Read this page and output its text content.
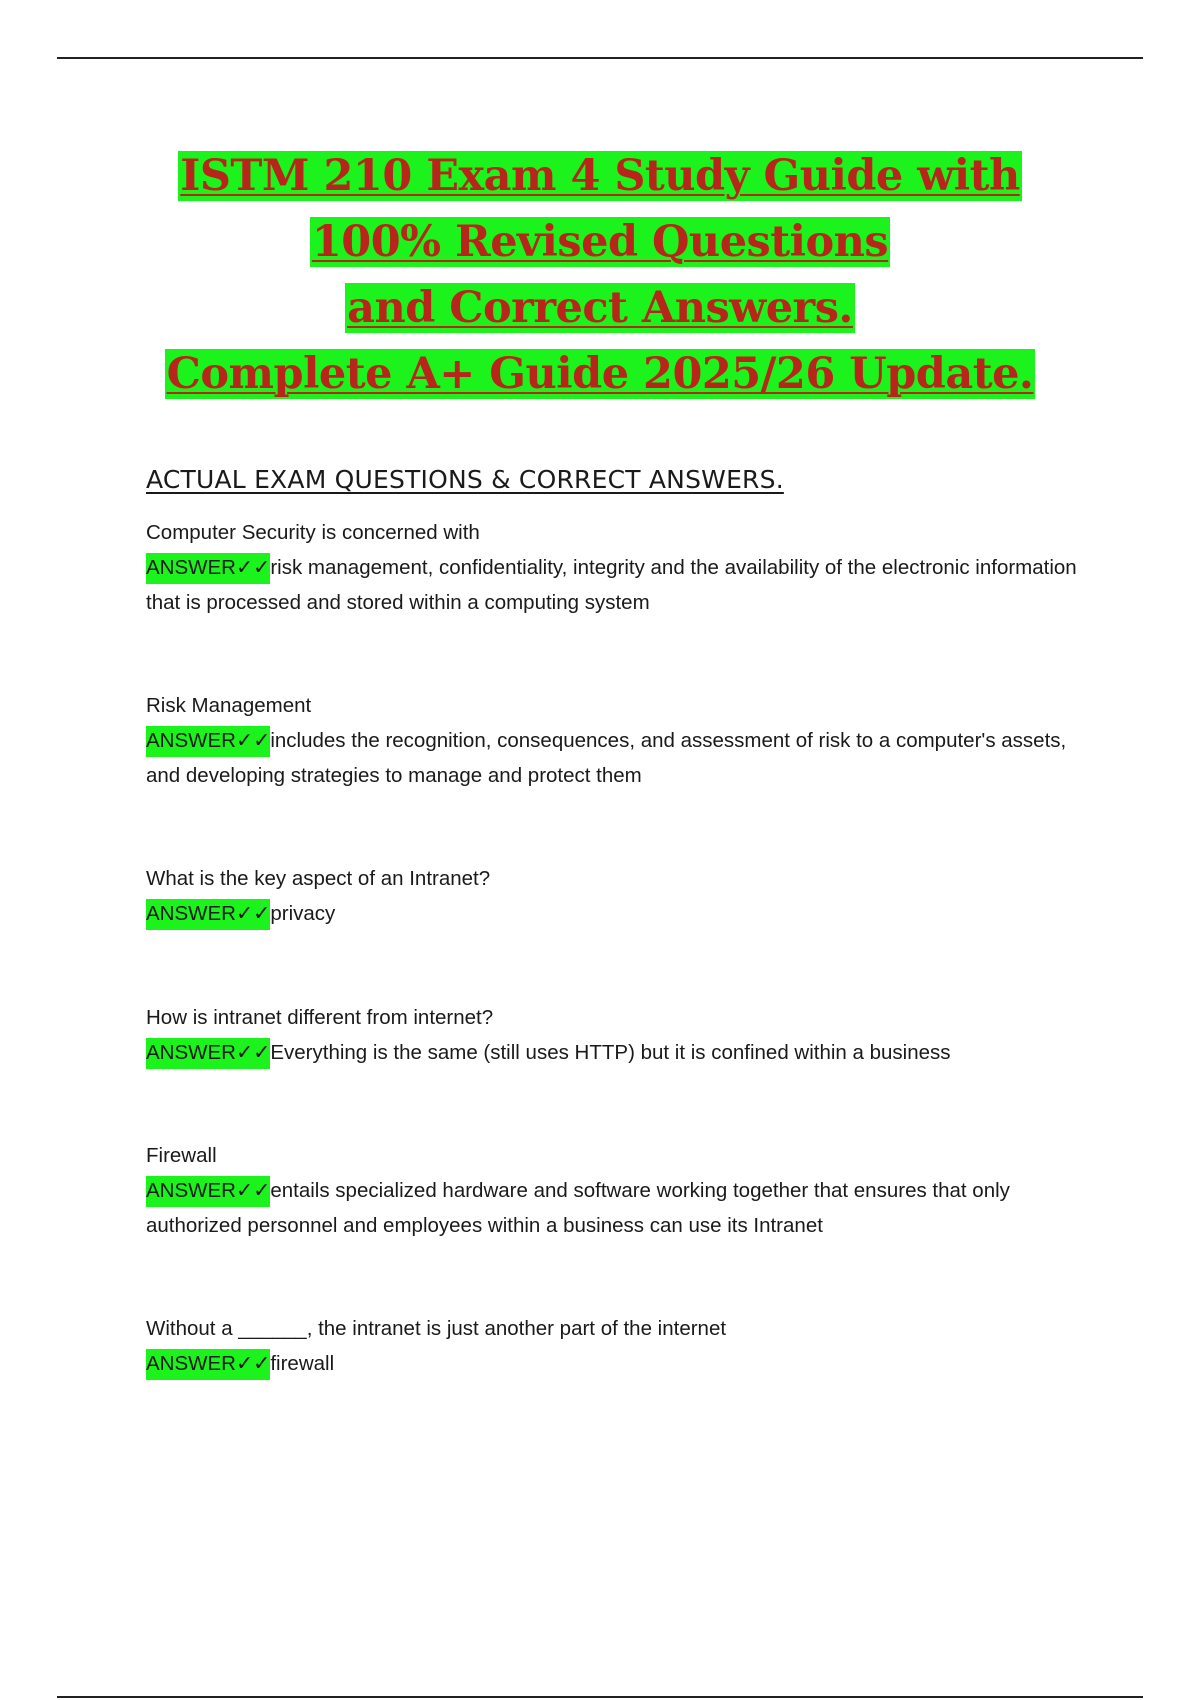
ISTM 210 Exam 4 Study Guide with
100% Revised Questions
and Correct Answers.
Complete A+ Guide 2025/26 Update.
ACTUAL EXAM QUESTIONS & CORRECT ANSWERS.
Computer Security is concerned with
ANSWER✓✓risk management, confidentiality, integrity and the availability of the electronic information that is processed and stored within a computing system
Risk Management
ANSWER✓✓includes the recognition, consequences, and assessment of risk to a computer's assets, and developing strategies to manage and protect them
What is the key aspect of an Intranet?
ANSWER✓✓privacy
How is intranet different from internet?
ANSWER✓✓Everything is the same (still uses HTTP) but it is confined within a business
Firewall
ANSWER✓✓entails specialized hardware and software working together that ensures that only authorized personnel and employees within a business can use its Intranet
Without a ______, the intranet is just another part of the internet
ANSWER✓✓firewall
